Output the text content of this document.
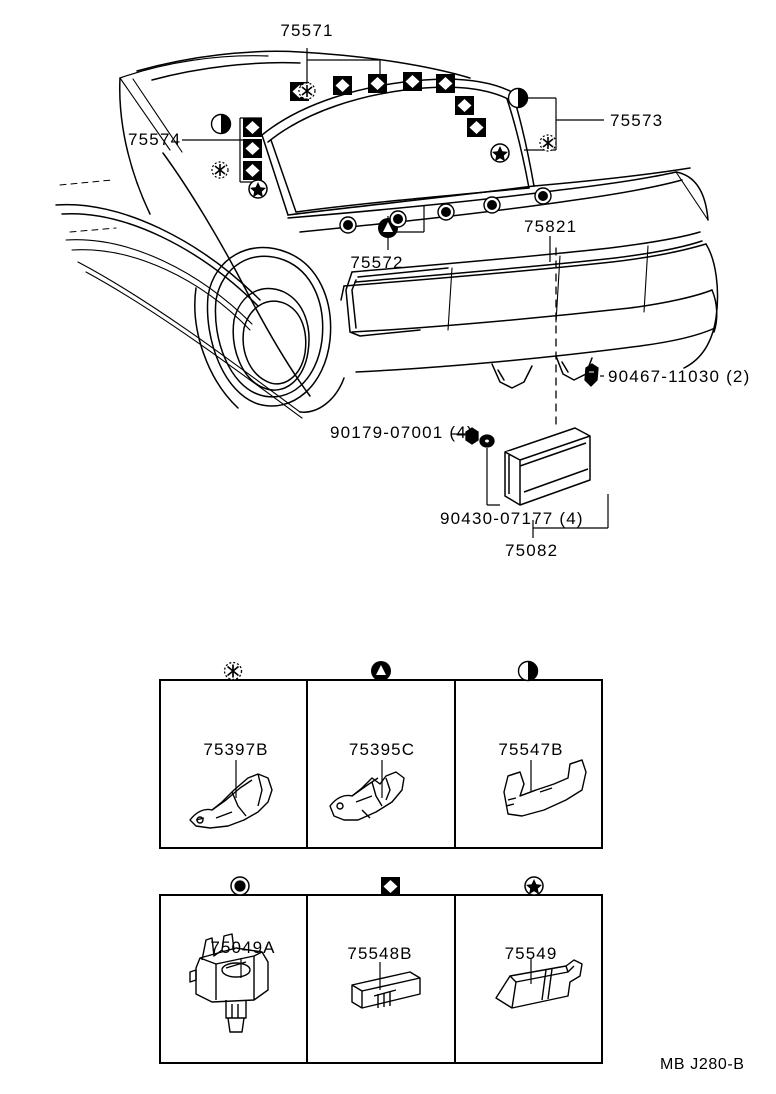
75571
75574
75573
75572
75821
90467-11030 (2)
90179-07001 (4)
90430-07177 (4)
75082
75397B	75395C	75547B
75049A	75548B	75549
MB J280-B
